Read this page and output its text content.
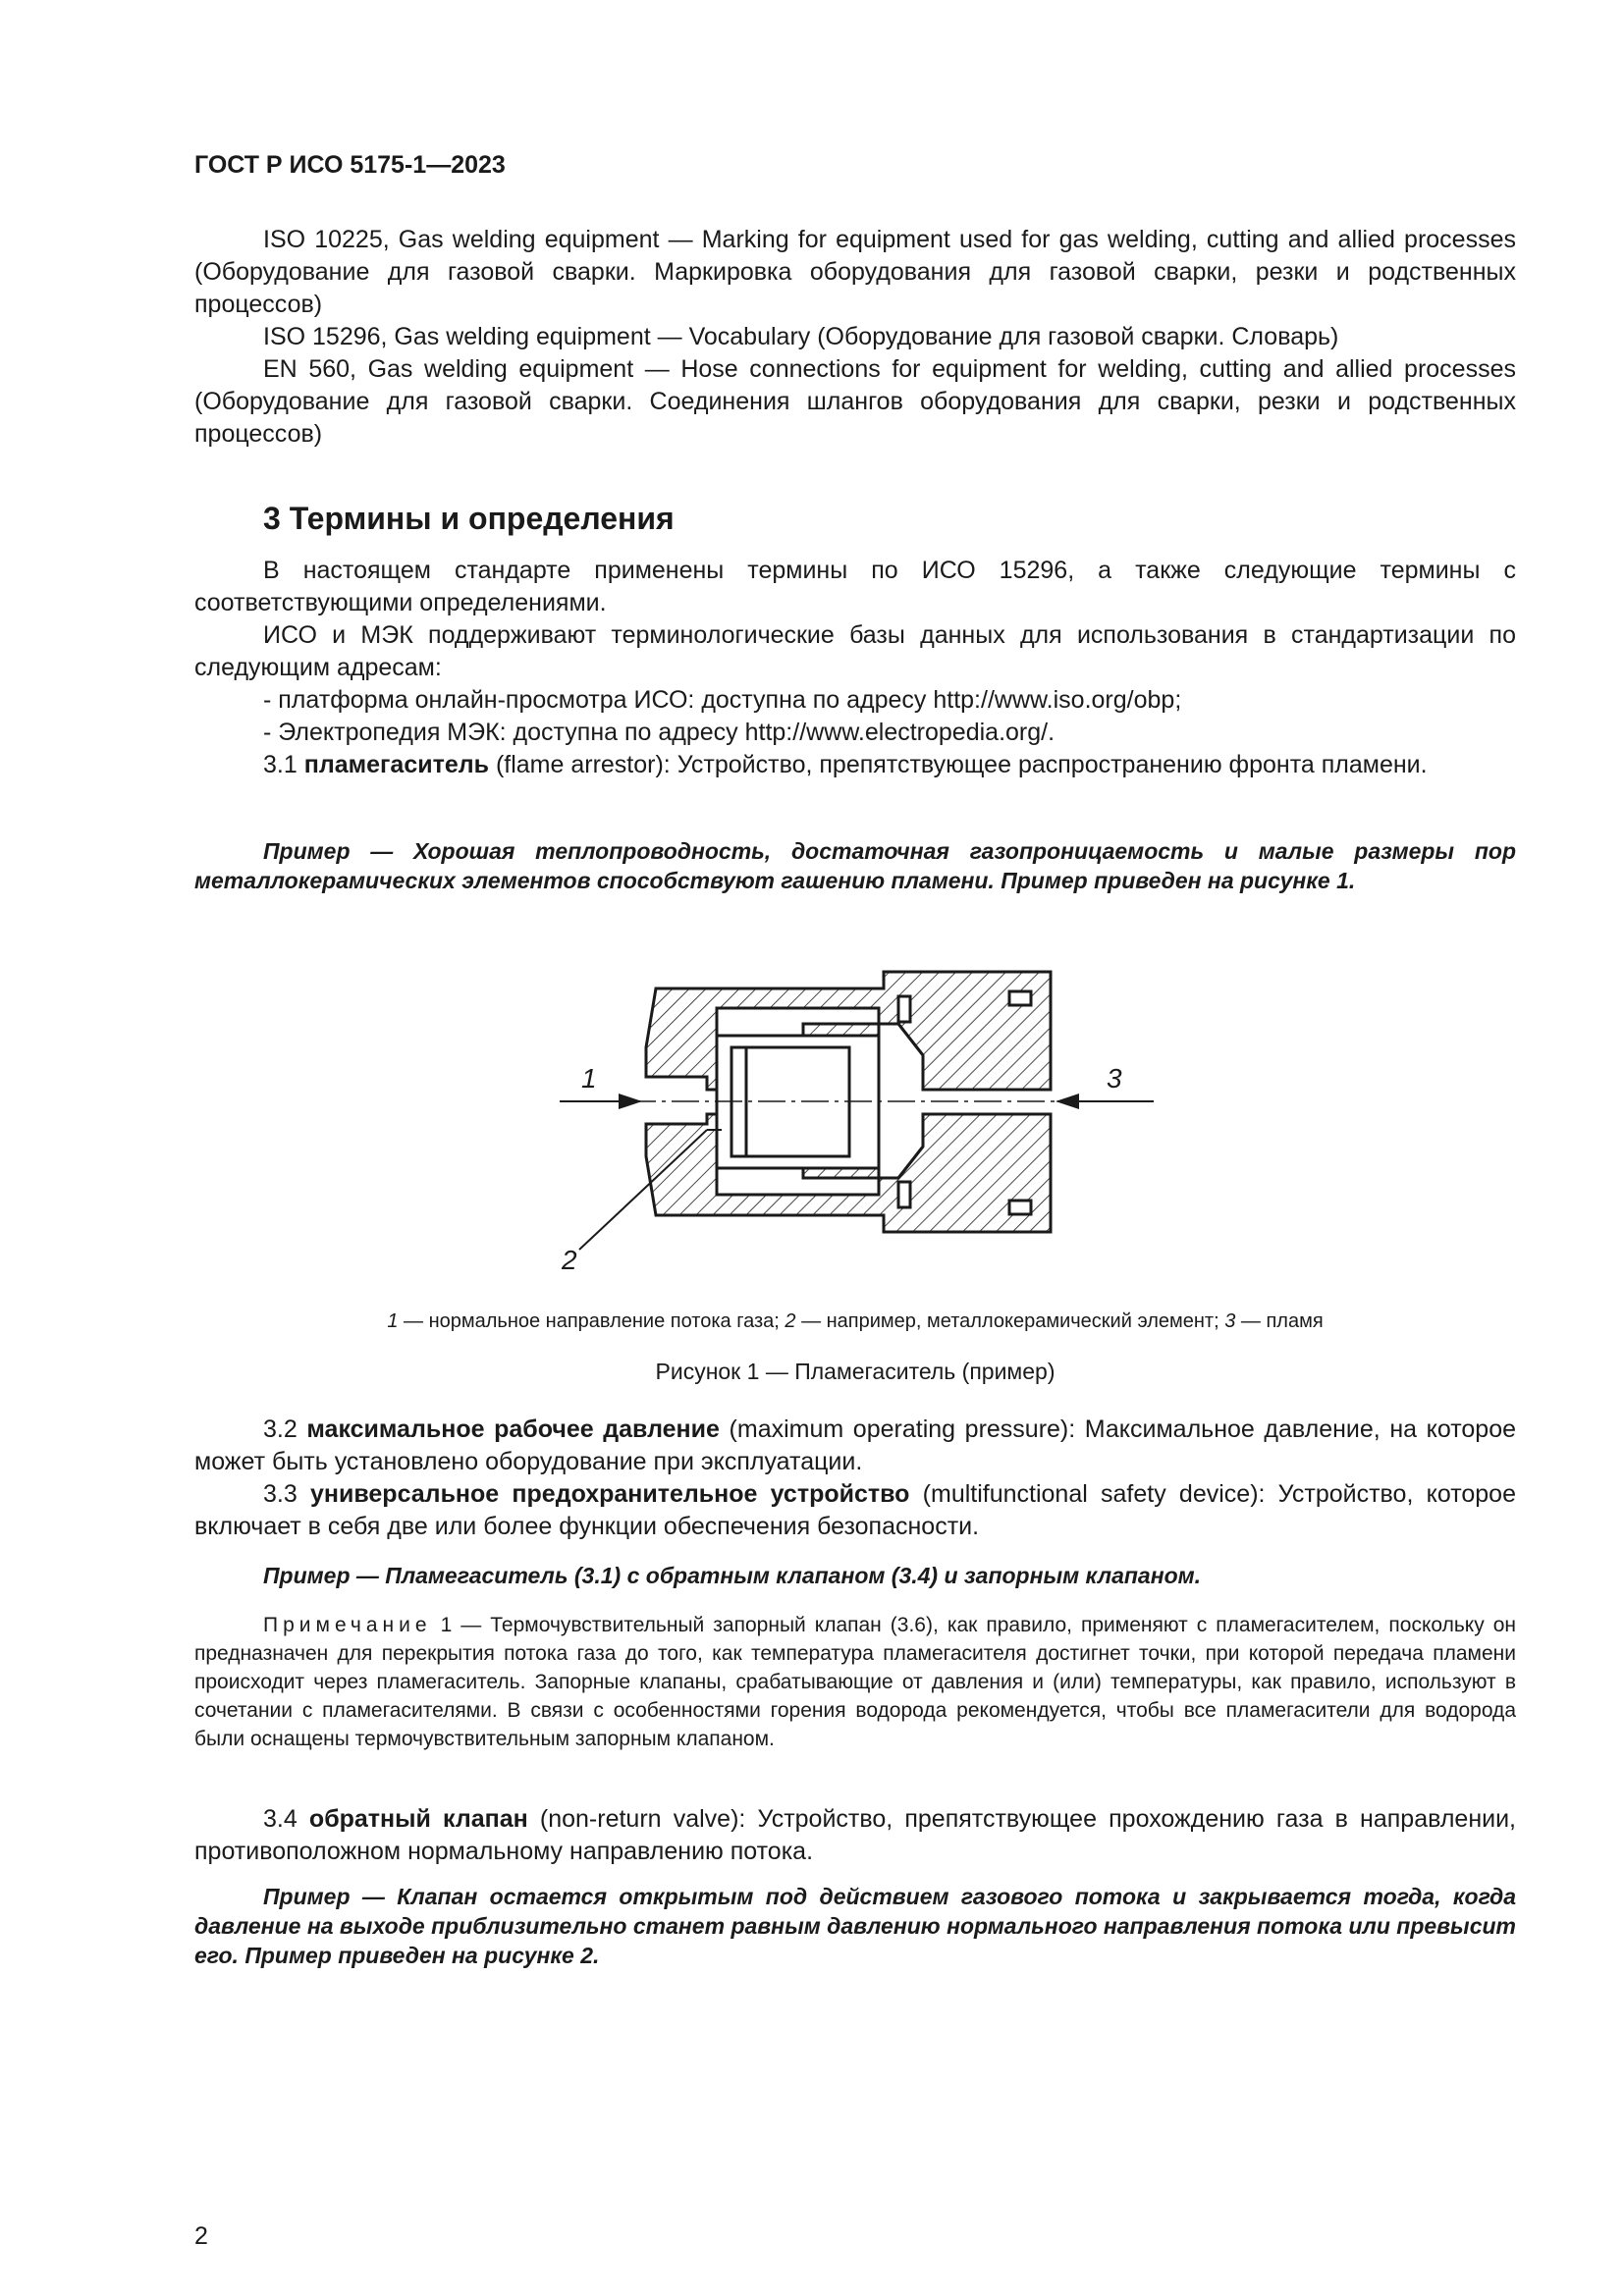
ГОСТ Р ИСО 5175-1—2023

ISO 10225, Gas welding equipment — Marking for equipment used for gas welding, cutting and allied processes (Оборудование для газовой сварки. Маркировка оборудования для газовой сварки, резки и родственных процессов)

ISO 15296, Gas welding equipment — Vocabulary (Оборудование для газовой сварки. Словарь)

EN 560, Gas welding equipment — Hose connections for equipment for welding, cutting and allied processes (Оборудование для газовой сварки. Соединения шлангов оборудования для сварки, резки и родственных процессов)

3 Термины и определения

В настоящем стандарте применены термины по ИСО 15296, а также следующие термины с соответствующими определениями.

ИСО и МЭК поддерживают терминологические базы данных для использования в стандартизации по следующим адресам:

- платформа онлайн-просмотра ИСО: доступна по адресу http://www.iso.org/obp;
- Электропедия МЭК: доступна по адресу http://www.electropedia.org/.

3.1 пламегаситель (flame arrestor): Устройство, препятствующее распространению фронта пламени.

Пример — Хорошая теплопроводность, достаточная газопроницаемость и малые размеры пор металлокерамических элементов способствуют гашению пламени. Пример приведен на рисунке 1.

1
2
3
1 — нормальное направление потока газа; 2 — например, металлокерамический элемент; 3 — пламя
Рисунок 1 — Пламегаситель (пример)

3.2 максимальное рабочее давление (maximum operating pressure): Максимальное давление, на которое может быть установлено оборудование при эксплуатации.

3.3 универсальное предохранительное устройство (multifunctional safety device): Устройство, которое включает в себя две или более функции обеспечения безопасности.

Пример — Пламегаситель (3.1) с обратным клапаном (3.4) и запорным клапаном.

Примечание 1 — Термочувствительный запорный клапан (3.6), как правило, применяют с пламегасителем, поскольку он предназначен для перекрытия потока газа до того, как температура пламегасителя достигнет точки, при которой передача пламени происходит через пламегаситель. Запорные клапаны, срабатывающие от давления и (или) температуры, как правило, используют в сочетании с пламегасителями. В связи с особенностями горения водорода рекомендуется, чтобы все пламегасители для водорода были оснащены термочувствительным запорным клапаном.

3.4 обратный клапан (non-return valve): Устройство, препятствующее прохождению газа в направлении, противоположном нормальному направлению потока.

Пример — Клапан остается открытым под действием газового потока и закрывается тогда, когда давление на выходе приблизительно станет равным давлению нормального направления потока или превысит его. Пример приведен на рисунке 2.

2
